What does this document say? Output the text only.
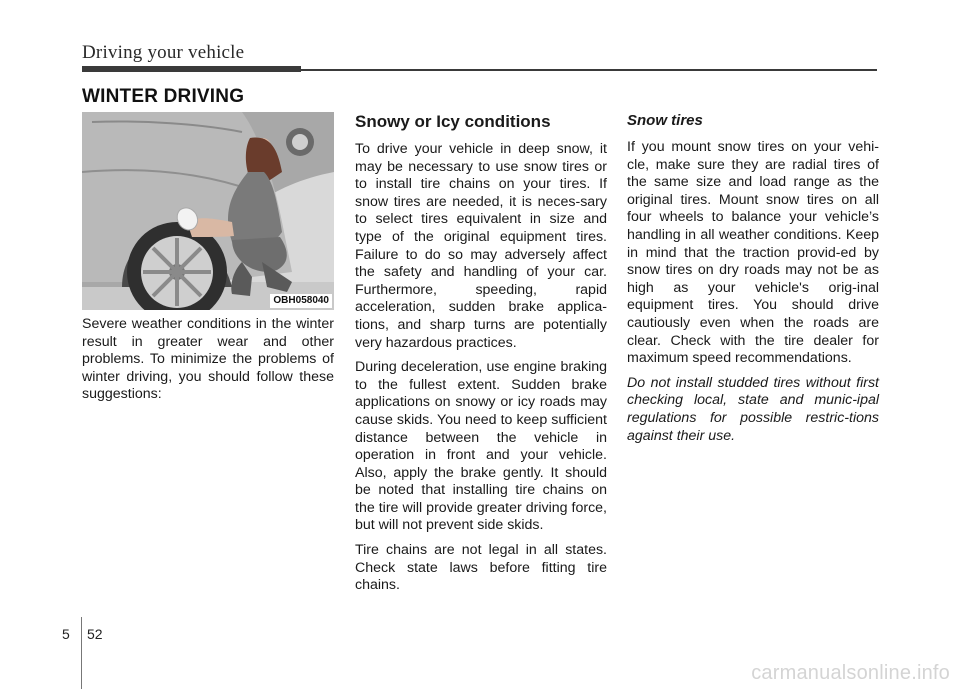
Driving your vehicle
WINTER DRIVING
OBH058040

Severe weather conditions in the winter result in greater wear and other problems. To minimize the problems of winter driving, you should follow these suggestions:

Snowy or Icy conditions

To drive your vehicle in deep snow, it may be necessary to use snow tires or to install tire chains on your tires. If snow tires are needed, it is neces-sary to select tires equivalent in size and type of the original equipment tires. Failure to do so may adversely affect the safety and handling of your car. Furthermore, speeding, rapid acceleration, sudden brake applica-tions, and sharp turns are potentially very hazardous practices.

During deceleration, use engine braking to the fullest extent. Sudden brake applications on snowy or icy roads may cause skids. You need to keep sufficient distance between the vehicle in operation in front and your vehicle. Also, apply the brake gently. It should be noted that installing tire chains on the tire will provide greater driving force, but will not prevent side skids.

Tire chains are not legal in all states. Check state laws before fitting tire chains.

Snow tires

If you mount snow tires on your vehi-cle, make sure they are radial tires of the same size and load range as the original tires. Mount snow tires on all four wheels to balance your vehicle’s handling in all weather conditions. Keep in mind that the traction provid-ed by snow tires on dry roads may not be as high as your vehicle's orig-inal equipment tires. You should drive cautiously even when the roads are clear. Check with the tire dealer for maximum speed recommendations.

Do not install studded tires without first checking local, state and munic-ipal regulations for possible restric-tions against their use.

5 52
carmanualsonline.info
